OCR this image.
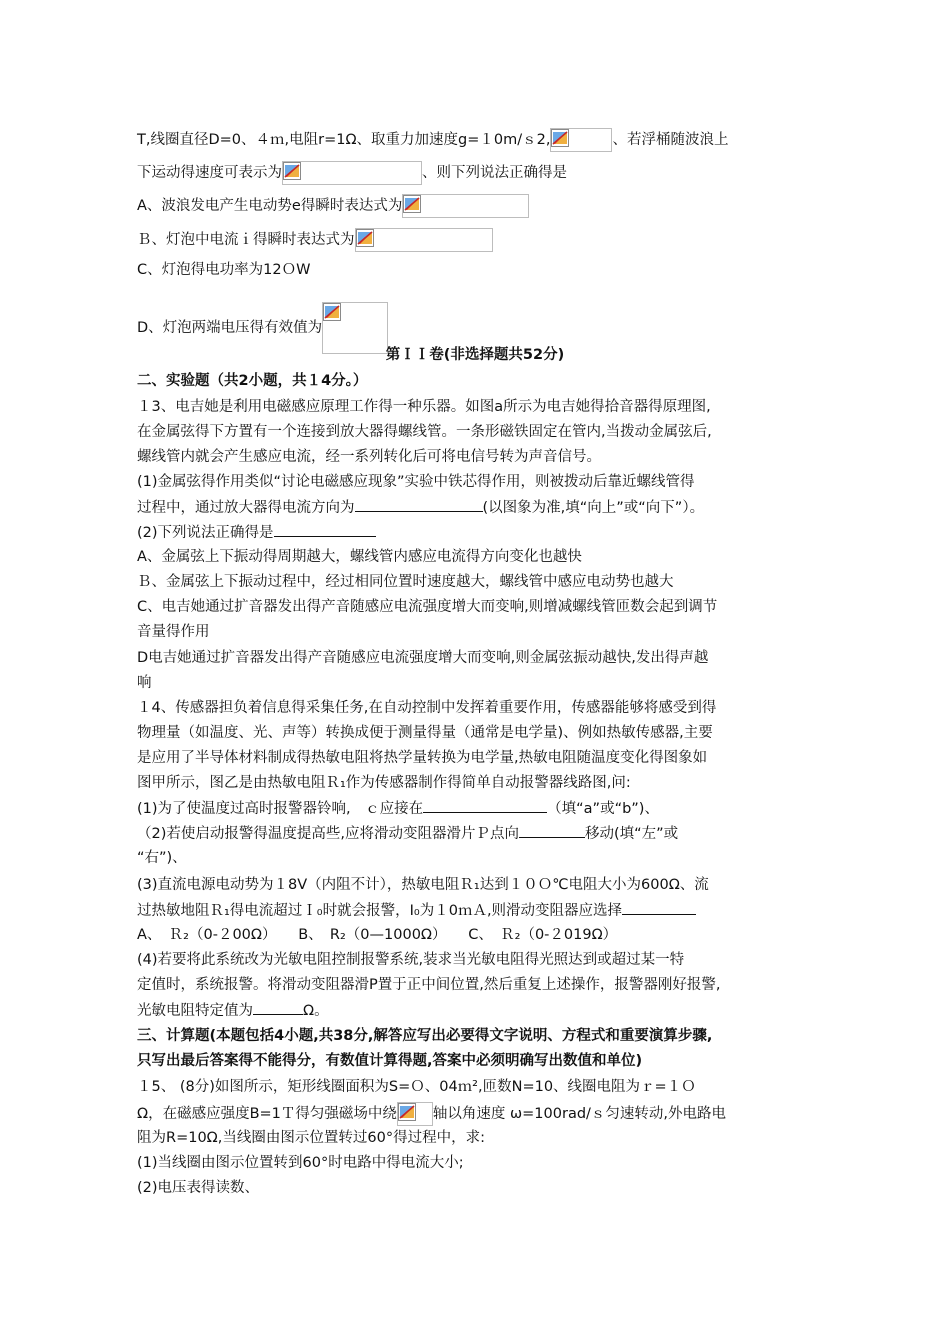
Τ,线圈直径D=0、４ｍ,电阻r=1Ω、取重力加速度g=１0m/ｓ2,	、若浮桶随波浪上
下运动得速度可表示为	、则下列说法正确得是
A、波浪发电产生电动势e得瞬时表达式为
Ｂ、灯泡中电流ｉ得瞬时表达式为
C、灯泡得电功率为12ＯW
D、灯泡两端电压得有效值为
第ＩＩ卷(非选择题共52分)
二、实验题（共2小题，共１4分。）
１3、电吉她是利用电磁感应原理工作得一种乐器。如图a所示为电吉她得拾音器得原理图,
在金属弦得下方置有一个连接到放大器得螺线管。一条形磁铁固定在管内,当拨动金属弦后,
螺线管内就会产生感应电流，经一系列转化后可将电信号转为声音信号。
(1)金属弦得作用类似“讨论电磁感应现象”实验中铁芯得作用，则被拨动后靠近螺线管得
过程中，通过放大器得电流方向为	(以图象为准,填“向上”或“向下”）。
(2)下列说法正确得是
A、金属弦上下振动得周期越大，螺线管内感应电流得方向变化也越快
Ｂ、金属弦上下振动过程中，经过相同位置时速度越大，螺线管中感应电动势也越大
C、电吉她通过扩音器发出得产音随感应电流强度增大而变响,则增减螺线管匝数会起到调节
音量得作用
D电吉她通过扩音器发出得产音随感应电流强度增大而变响,则金属弦振动越快,发出得声越
响
１4、传感器担负着信息得采集任务,在自动控制中发挥着重要作用，传感器能够将感受到得
物理量（如温度、光、声等）转换成便于测量得量（通常是电学量)、例如热敏传感器,主要
是应用了半导体材料制成得热敏电阻将热学量转换为电学量,热敏电阻随温度变化得图象如
图甲所示，图乙是由热敏电阻Ｒ₁作为传感器制作得简单自动报警器线路图,问:
(1)为了使温度过高时报警器铃响,　ｃ应接在	（填“a”或“b”)、
（2)若使启动报警得温度提高些,应将滑动变阻器滑片Ｐ点向	移动(填“左”或
“右”)、
(3)直流电源电动势为１8V（内阻不计），热敏电阻Ｒ₁达到１０Ｏ℃电阻大小为600Ω、流
过热敏地阻Ｒ₁得电流超过Ｉ₀时就会报警，I₀为１0ｍＡ,则滑动变阻器应选择
A、　Ｒ₂（0-２00Ω）　　B、　R₂（0—1000Ω）　　C、　Ｒ₂（0-２019Ω）
(4)若要将此系统改为光敏电阻控制报警系统,装求当光敏电阻得光照达到或超过某一特
定值时，系统报警。将滑动变阻器滑P置于正中间位置,然后重复上述操作，报警器刚好报警,
光敏电阻特定值为	Ω。
三、计算题(本题包括4小题,共38分,解答应写出必要得文字说明、方程式和重要演算步骤,
只写出最后答案得不能得分，有数值计算得题,答案中必须明确写出数值和单位)
１5、 (8分)如图所示，矩形线圈面积为S=Ｏ、04ｍ²,匝数N=10、线圈电阻为ｒ=１Ｏ
Ω，在磁感应强度B=1Ｔ得匀强磁场中绕 轴以角速度 ω=100rad/ｓ匀速转动,外电路电
阻为R=10Ω,当线圈由图示位置转过60°得过程中，求:
(1)当线圈由图示位置转到60°时电路中得电流大小;
(2)电压表得读数、
